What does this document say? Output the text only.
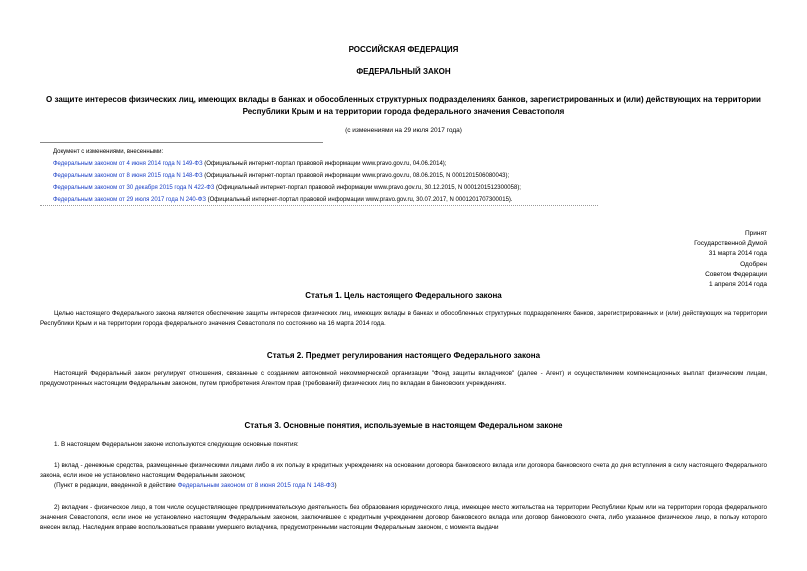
РОССИЙСКАЯ ФЕДЕРАЦИЯ
ФЕДЕРАЛЬНЫЙ ЗАКОН
О защите интересов физических лиц, имеющих вклады в банках и обособленных структурных подразделениях банков, зарегистрированных и (или) действующих на территории Республики Крым и на территории города федерального значения Севастополя
(с изменениями на 29 июля 2017 года)
Документ с изменениями, внесенными:
Федеральным законом от 4 июня 2014 года N 149-ФЗ (Официальный интернет-портал правовой информации www.pravo.gov.ru, 04.06.2014);
Федеральным законом от 8 июня 2015 года N 148-ФЗ (Официальный интернет-портал правовой информации www.pravo.gov.ru, 08.06.2015, N 0001201506080043);
Федеральным законом от 30 декабря 2015 года N 422-ФЗ (Официальный интернет-портал правовой информации www.pravo.gov.ru, 30.12.2015, N 0001201512300058);
Федеральным законом от 29 июля 2017 года N 240-ФЗ (Официальный интернет-портал правовой информации www.pravo.gov.ru, 30.07.2017, N 0001201707300015).
Принят
Государственной Думой
31 марта 2014 года
Одобрен
Советом Федерации
1 апреля 2014 года
Статья 1. Цель настоящего Федерального закона
Целью настоящего Федерального закона является обеспечение защиты интересов физических лиц, имеющих вклады в банках и обособленных структурных подразделениях банков, зарегистрированных и (или) действующих на территории Республики Крым и на территории города федерального значения Севастополя по состоянию на 16 марта 2014 года.
Статья 2. Предмет регулирования настоящего Федерального закона
Настоящий Федеральный закон регулирует отношения, связанные с созданием автономной некоммерческой организации "Фонд защиты вкладчиков" (далее - Агент) и осуществлением компенсационных выплат физическим лицам, предусмотренных настоящим Федеральным законом, путем приобретения Агентом прав (требований) физических лиц по вкладам в банковских учреждениях.
Статья 3. Основные понятия, используемые в настоящем Федеральном законе
1. В настоящем Федеральном законе используются следующие основные понятия:
1) вклад - денежные средства, размещенные физическими лицами либо в их пользу в кредитных учреждениях на основании договора банковского вклада или договора банковского счета до дня вступления в силу настоящего Федерального закона, если иное не установлено настоящим Федеральным законом;
(Пункт в редакции, введенной в действие Федеральным законом от 8 июня 2015 года N 148-ФЗ)
2) вкладчик - физическое лицо, в том числе осуществляющее предпринимательскую деятельность без образования юридического лица, имеющее место жительства на территории Республики Крым или на территории города федерального значения Севастополя, если иное не установлено настоящим Федеральным законом, заключившее с кредитным учреждением договор банковского вклада или договор банковского счета, либо указанное физическое лицо, в пользу которого внесен вклад. Наследник вправе воспользоваться правами умершего вкладчика, предусмотренными настоящим Федеральным законом, с момента выдачи
